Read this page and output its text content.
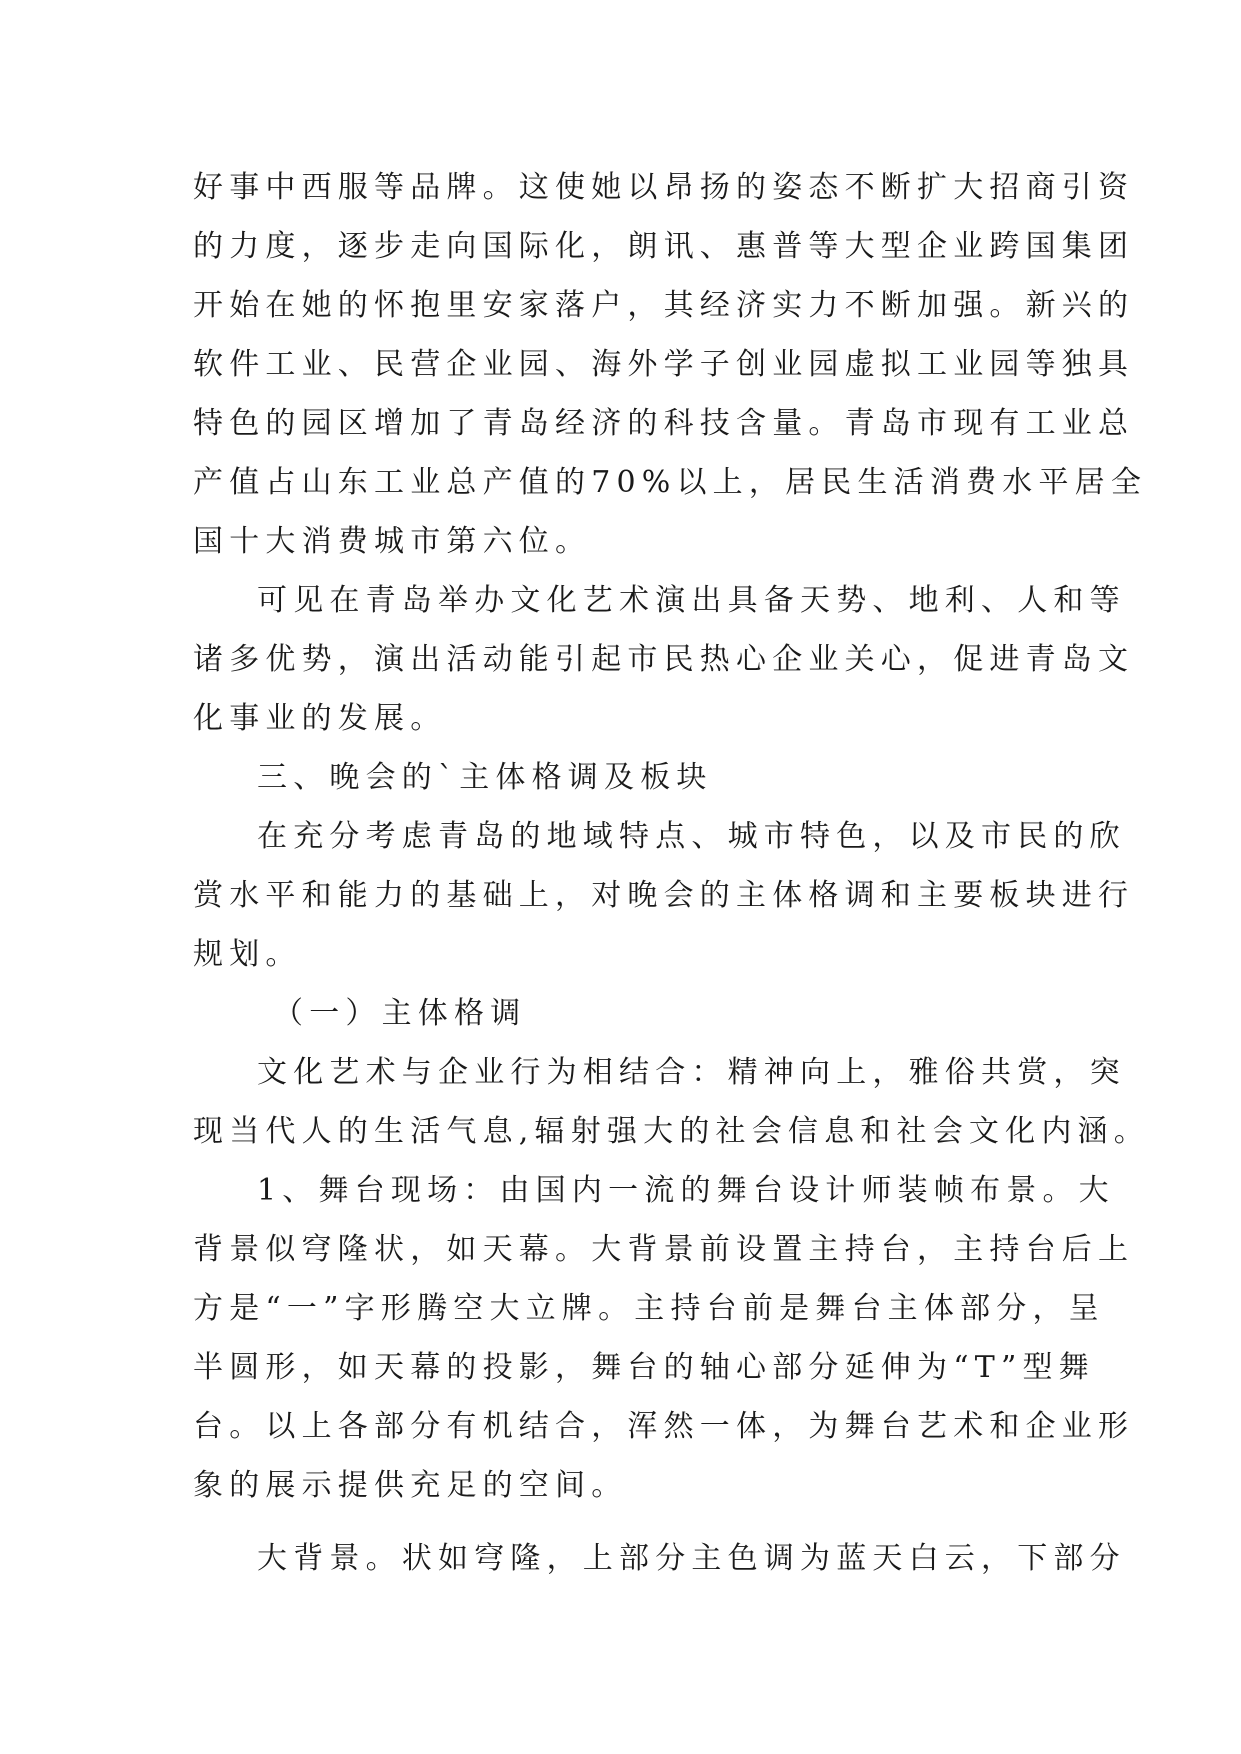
好事中西服等品牌。这使她以昂扬的姿态不断扩大招商引资
的力度，逐步走向国际化，朗讯、惠普等大型企业跨国集团
开始在她的怀抱里安家落户，其经济实力不断加强。新兴的
软件工业、民营企业园、海外学子创业园虚拟工业园等独具
特色的园区增加了青岛经济的科技含量。青岛市现有工业总
产值占山东工业总产值的70%以上，居民生活消费水平居全
国十大消费城市第六位。
可见在青岛举办文化艺术演出具备天势、地利、人和等
诸多优势，演出活动能引起市民热心企业关心，促进青岛文
化事业的发展。
三、晚会的`主体格调及板块
在充分考虑青岛的地域特点、城市特色，以及市民的欣
赏水平和能力的基础上，对晚会的主体格调和主要板块进行
规划。
（一）主体格调
文化艺术与企业行为相结合：精神向上，雅俗共赏，突
现当代人的生活气息,辐射强大的社会信息和社会文化内涵。
1、舞台现场：由国内一流的舞台设计师装帧布景。大
背景似穹隆状，如天幕。大背景前设置主持台，主持台后上
方是“一”字形腾空大立牌。主持台前是舞台主体部分，呈
半圆形，如天幕的投影，舞台的轴心部分延伸为“T”型舞
台。以上各部分有机结合，浑然一体，为舞台艺术和企业形
象的展示提供充足的空间。
大背景。状如穹隆，上部分主色调为蓝天白云，下部分
